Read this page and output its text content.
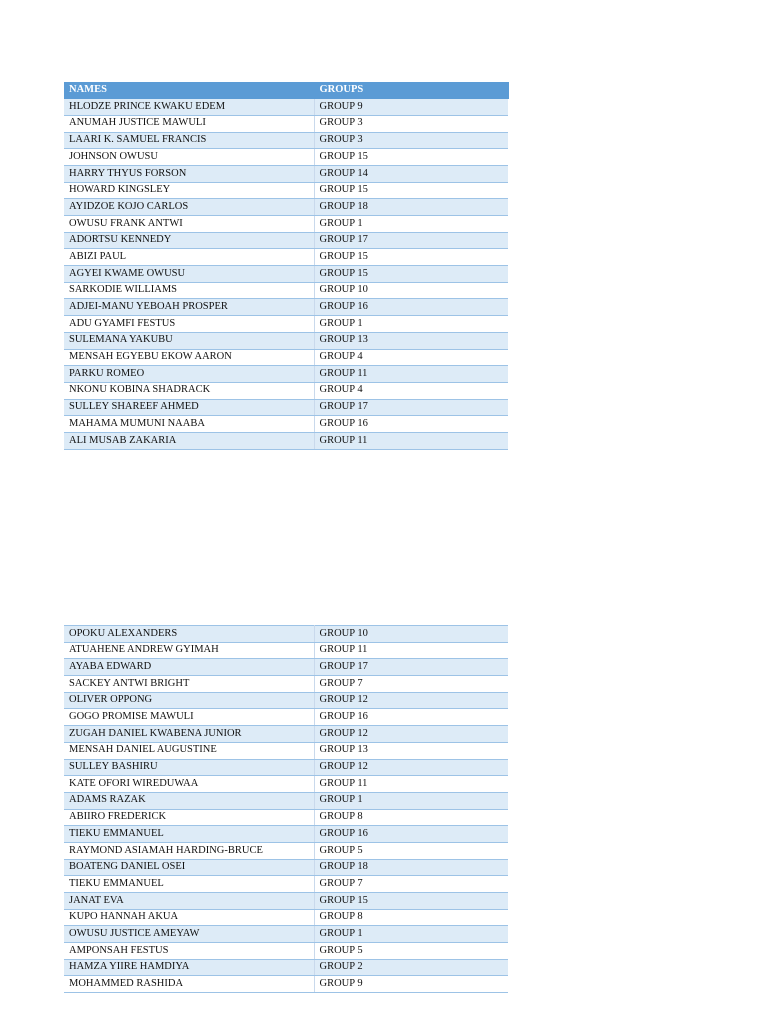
NAMES	GROUPS
HLODZE PRINCE KWAKU EDEM	GROUP 9
ANUMAH JUSTICE MAWULI	GROUP 3
LAARI K. SAMUEL FRANCIS	GROUP 3
JOHNSON OWUSU	GROUP 15
HARRY THYUS FORSON	GROUP 14
HOWARD KINGSLEY	GROUP 15
AYIDZOE KOJO CARLOS	GROUP 18
OWUSU FRANK ANTWI	GROUP 1
ADORTSU KENNEDY	GROUP 17
ABIZI PAUL	GROUP 15
AGYEI KWAME OWUSU	GROUP 15
SARKODIE WILLIAMS	GROUP 10
ADJEI-MANU YEBOAH PROSPER	GROUP 16
ADU GYAMFI FESTUS	GROUP 1
SULEMANA YAKUBU	GROUP 13
MENSAH EGYEBU EKOW AARON	GROUP 4
PARKU ROMEO	GROUP 11
NKONU KOBINA SHADRACK	GROUP 4
SULLEY SHAREEF AHMED	GROUP 17
MAHAMA MUMUNI NAABA	GROUP 16
ALI MUSAB ZAKARIA	GROUP 11
OPOKU ALEXANDERS	GROUP 10
ATUAHENE ANDREW GYIMAH	GROUP 11
AYABA EDWARD	GROUP 17
SACKEY ANTWI BRIGHT	GROUP 7
OLIVER OPPONG	GROUP 12
GOGO PROMISE MAWULI	GROUP 16
ZUGAH DANIEL KWABENA JUNIOR	GROUP 12
MENSAH DANIEL AUGUSTINE	GROUP 13
SULLEY BASHIRU	GROUP 12
KATE OFORI WIREDUWAA	GROUP 11
ADAMS RAZAK	GROUP 1
ABIIRO FREDERICK	GROUP 8
TIEKU EMMANUEL	GROUP 16
RAYMOND ASIAMAH HARDING-BRUCE	GROUP 5
BOATENG DANIEL OSEI	GROUP 18
TIEKU EMMANUEL	GROUP 7
JANAT EVA	GROUP 15
KUPO HANNAH AKUA	GROUP 8
OWUSU JUSTICE AMEYAW	GROUP 1
AMPONSAH FESTUS	GROUP 5
HAMZA YIIRE HAMDIYA	GROUP 2
MOHAMMED RASHIDA	GROUP 9
